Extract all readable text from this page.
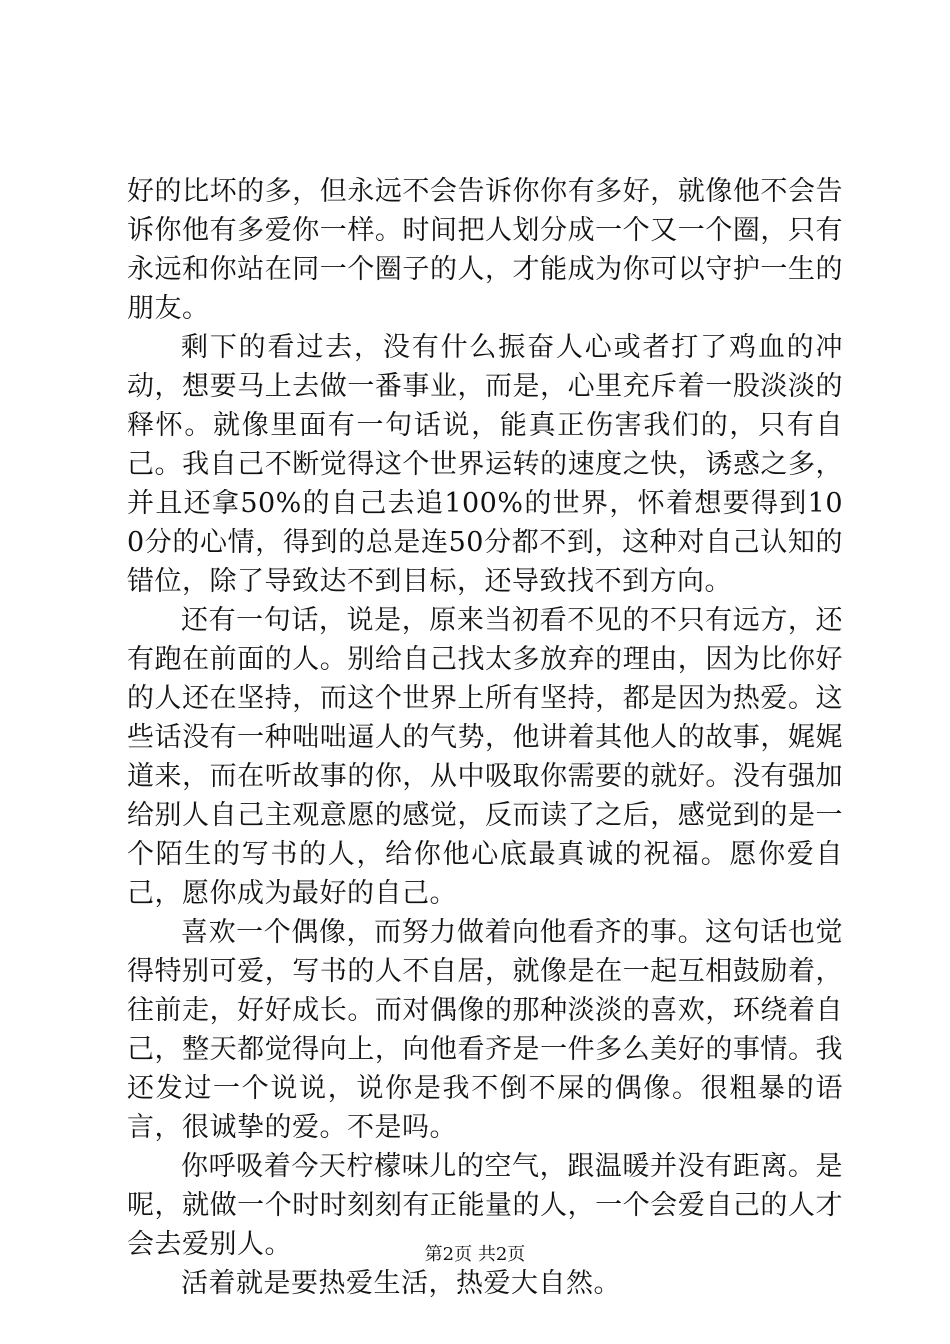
好的比坏的多，但永远不会告诉你你有多好，就像他不会告诉你他有多爱你一样。时间把人划分成一个又一个圈，只有永远和你站在同一个圈子的人，才能成为你可以守护一生的朋友。

剩下的看过去，没有什么振奋人心或者打了鸡血的冲动，想要马上去做一番事业，而是，心里充斥着一股淡淡的释怀。就像里面有一句话说，能真正伤害我们的，只有自己。我自己不断觉得这个世界运转的速度之快，诱惑之多，并且还拿50%的自己去追100%的世界，怀着想要得到100分的心情，得到的总是连50分都不到，这种对自己认知的错位，除了导致达不到目标，还导致找不到方向。

还有一句话，说是，原来当初看不见的不只有远方，还有跑在前面的人。别给自己找太多放弃的理由，因为比你好的人还在坚持，而这个世界上所有坚持，都是因为热爱。这些话没有一种咄咄逼人的气势，他讲着其他人的故事，娓娓道来，而在听故事的你，从中吸取你需要的就好。没有强加给别人自己主观意愿的感觉，反而读了之后，感觉到的是一个陌生的写书的人，给你他心底最真诚的祝福。愿你爱自己，愿你成为最好的自己。

喜欢一个偶像，而努力做着向他看齐的事。这句话也觉得特别可爱，写书的人不自居，就像是在一起互相鼓励着，往前走，好好成长。而对偶像的那种淡淡的喜欢，环绕着自己，整天都觉得向上，向他看齐是一件多么美好的事情。我还发过一个说说，说你是我不倒不屎的偶像。很粗暴的语言，很诚挚的爱。不是吗。

你呼吸着今天柠檬味儿的空气，跟温暖并没有距离。是呢，就做一个时时刻刻有正能量的人，一个会爱自己的人才会去爱别人。

活着就是要热爱生活，热爱大自然。

第2页 共2页
